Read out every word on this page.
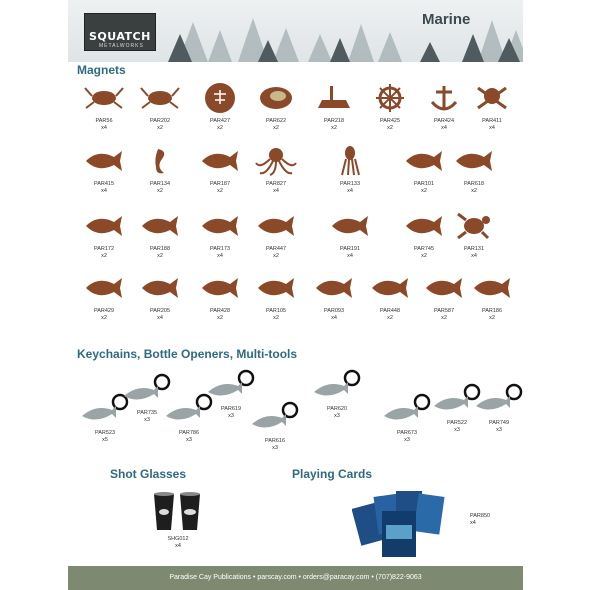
SQUATCH
METALWORKS
Marine
Magnets
PAR56
x4
PAR202
x2
PAR427
x2
PAR622
x2
PAR218
x2
PAR425
x2
PAR424
x4
PAR411
x4
PAR415
x4
PAR134
x2
PAR187
x2
PAR827
x4
PAR133
x4
PAR101
x2
PAR618
x2
PAR172
x2
PAR188
x2
PAR173
x4
PAR447
x2
PAR191
x4
PAR745
x2
PAR131
x4
PAR429
x2
PAR205
x4
PAR428
x2
PAR105
x2
PAR093
x4
PAR448
x2
PAR587
x2
PAR186
x2
Keychains, Bottle Openers, Multi-tools
PAR523
x5
PAR735
x3
PAR786
x3
PAR619
x3
PAR616
x3
PAR620
x3
PAR673
x3
PAR522
x3
PAR749
x3
Shot Glasses
SHG012
x4
Playing Cards
PAR850
x4
Paradise Cay Publications • parscay.com • orders@paracay.com • (707)822-9063
